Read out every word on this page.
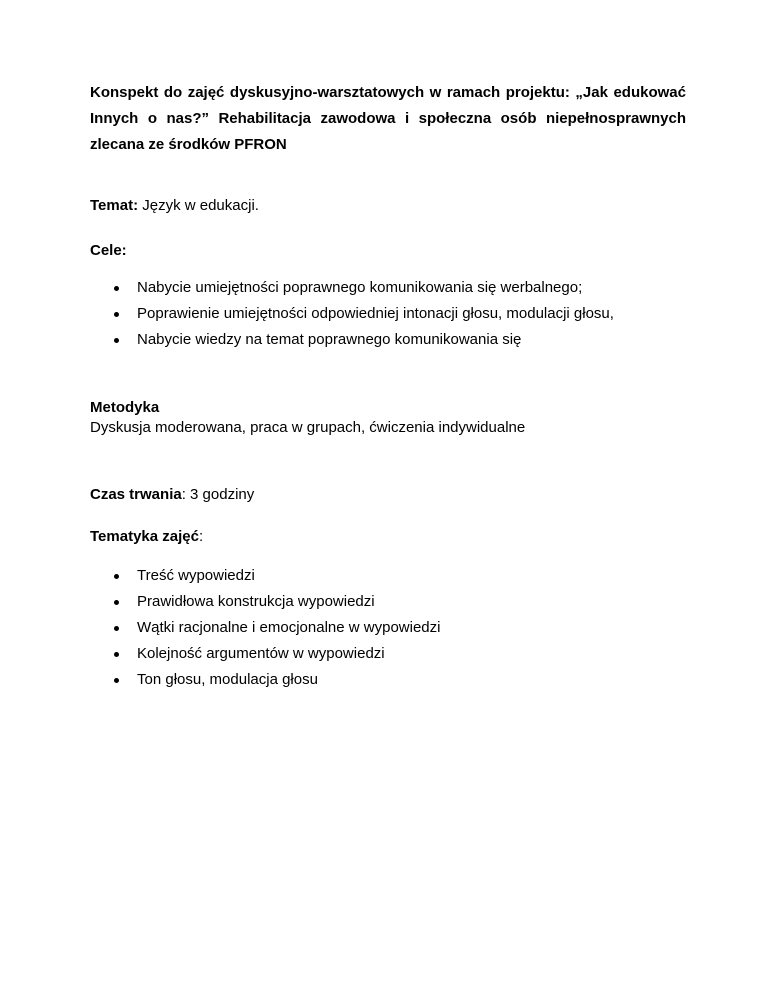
Konspekt do zajęć dyskusyjno-warsztatowych w ramach projektu: „Jak edukować Innych o nas?” Rehabilitacja zawodowa i społeczna osób niepełnosprawnych zlecana ze środków PFRON

Temat: Język w edukacji.

Cele:

Nabycie umiejętności poprawnego komunikowania się werbalnego;
Poprawienie umiejętności odpowiedniej intonacji głosu, modulacji głosu,
Nabycie wiedzy na temat poprawnego komunikowania się

Metodyka

Dyskusja moderowana, praca w grupach, ćwiczenia indywidualne

Czas trwania: 3 godziny

Tematyka zajęć:

Treść wypowiedzi
Prawidłowa konstrukcja wypowiedzi
Wątki racjonalne i emocjonalne w wypowiedzi
Kolejność argumentów w wypowiedzi
Ton głosu, modulacja głosu
